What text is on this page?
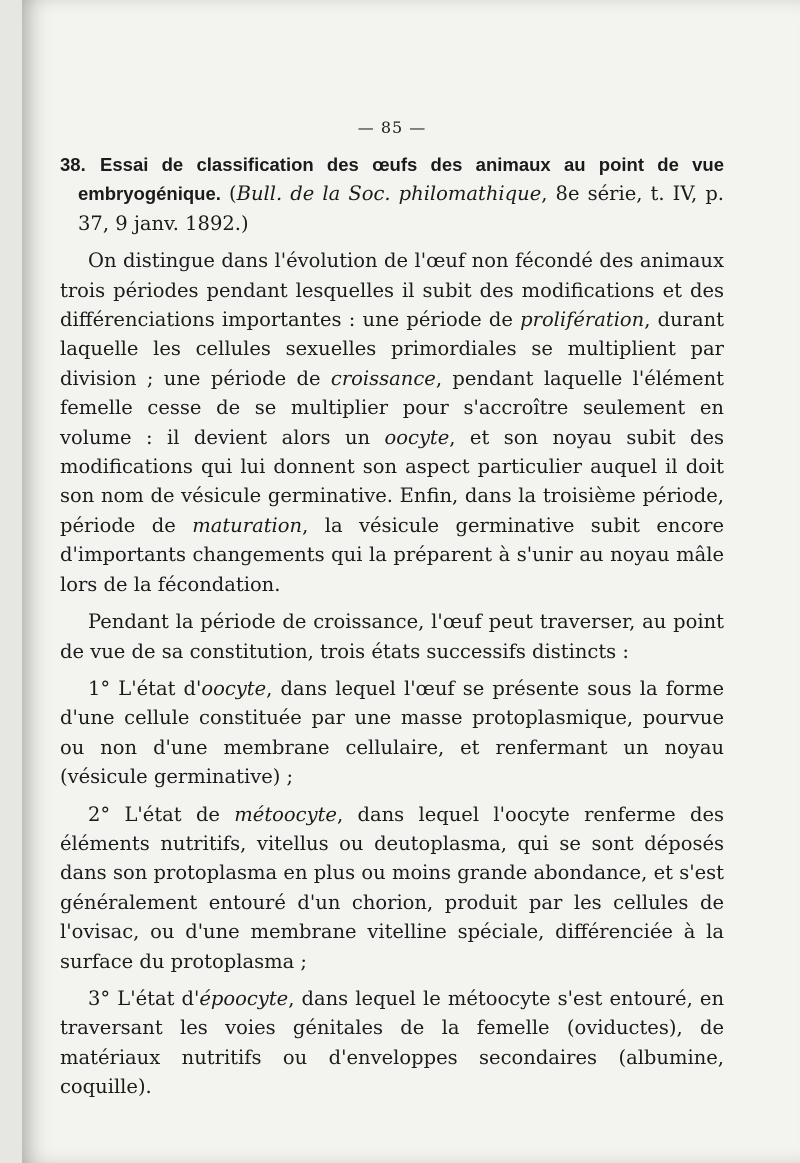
— 85 —
38. Essai de classification des œufs des animaux au point de vue embryogénique. (Bull. de la Soc. philomathique, 8e série, t. IV, p. 37, 9 janv. 1892.)

On distingue dans l'évolution de l'œuf non fécondé des animaux trois périodes pendant lesquelles il subit des modifications et des différenciations importantes : une période de prolifération, durant laquelle les cellules sexuelles primordiales se multiplient par division ; une période de croissance, pendant laquelle l'élément femelle cesse de se multiplier pour s'accroître seulement en volume : il devient alors un oocyte, et son noyau subit des modifications qui lui donnent son aspect particulier auquel il doit son nom de vésicule germinative. Enfin, dans la troisième période, période de maturation, la vésicule germinative subit encore d'importants changements qui la préparent à s'unir au noyau mâle lors de la fécondation.

Pendant la période de croissance, l'œuf peut traverser, au point de vue de sa constitution, trois états successifs distincts :

1° L'état d'oocyte, dans lequel l'œuf se présente sous la forme d'une cellule constituée par une masse protoplasmique, pourvue ou non d'une membrane cellulaire, et renfermant un noyau (vésicule germinative) ;

2° L'état de métoocyte, dans lequel l'oocyte renferme des éléments nutritifs, vitellus ou deutoplasma, qui se sont déposés dans son protoplasma en plus ou moins grande abondance, et s'est généralement entouré d'un chorion, produit par les cellules de l'ovisac, ou d'une membrane vitelline spéciale, différenciée à la surface du protoplasma ;

3° L'état d'époocyte, dans lequel le métoocyte s'est entouré, en traversant les voies génitales de la femelle (oviductes), de matériaux nutritifs ou d'enveloppes secondaires (albumine, coquille).
